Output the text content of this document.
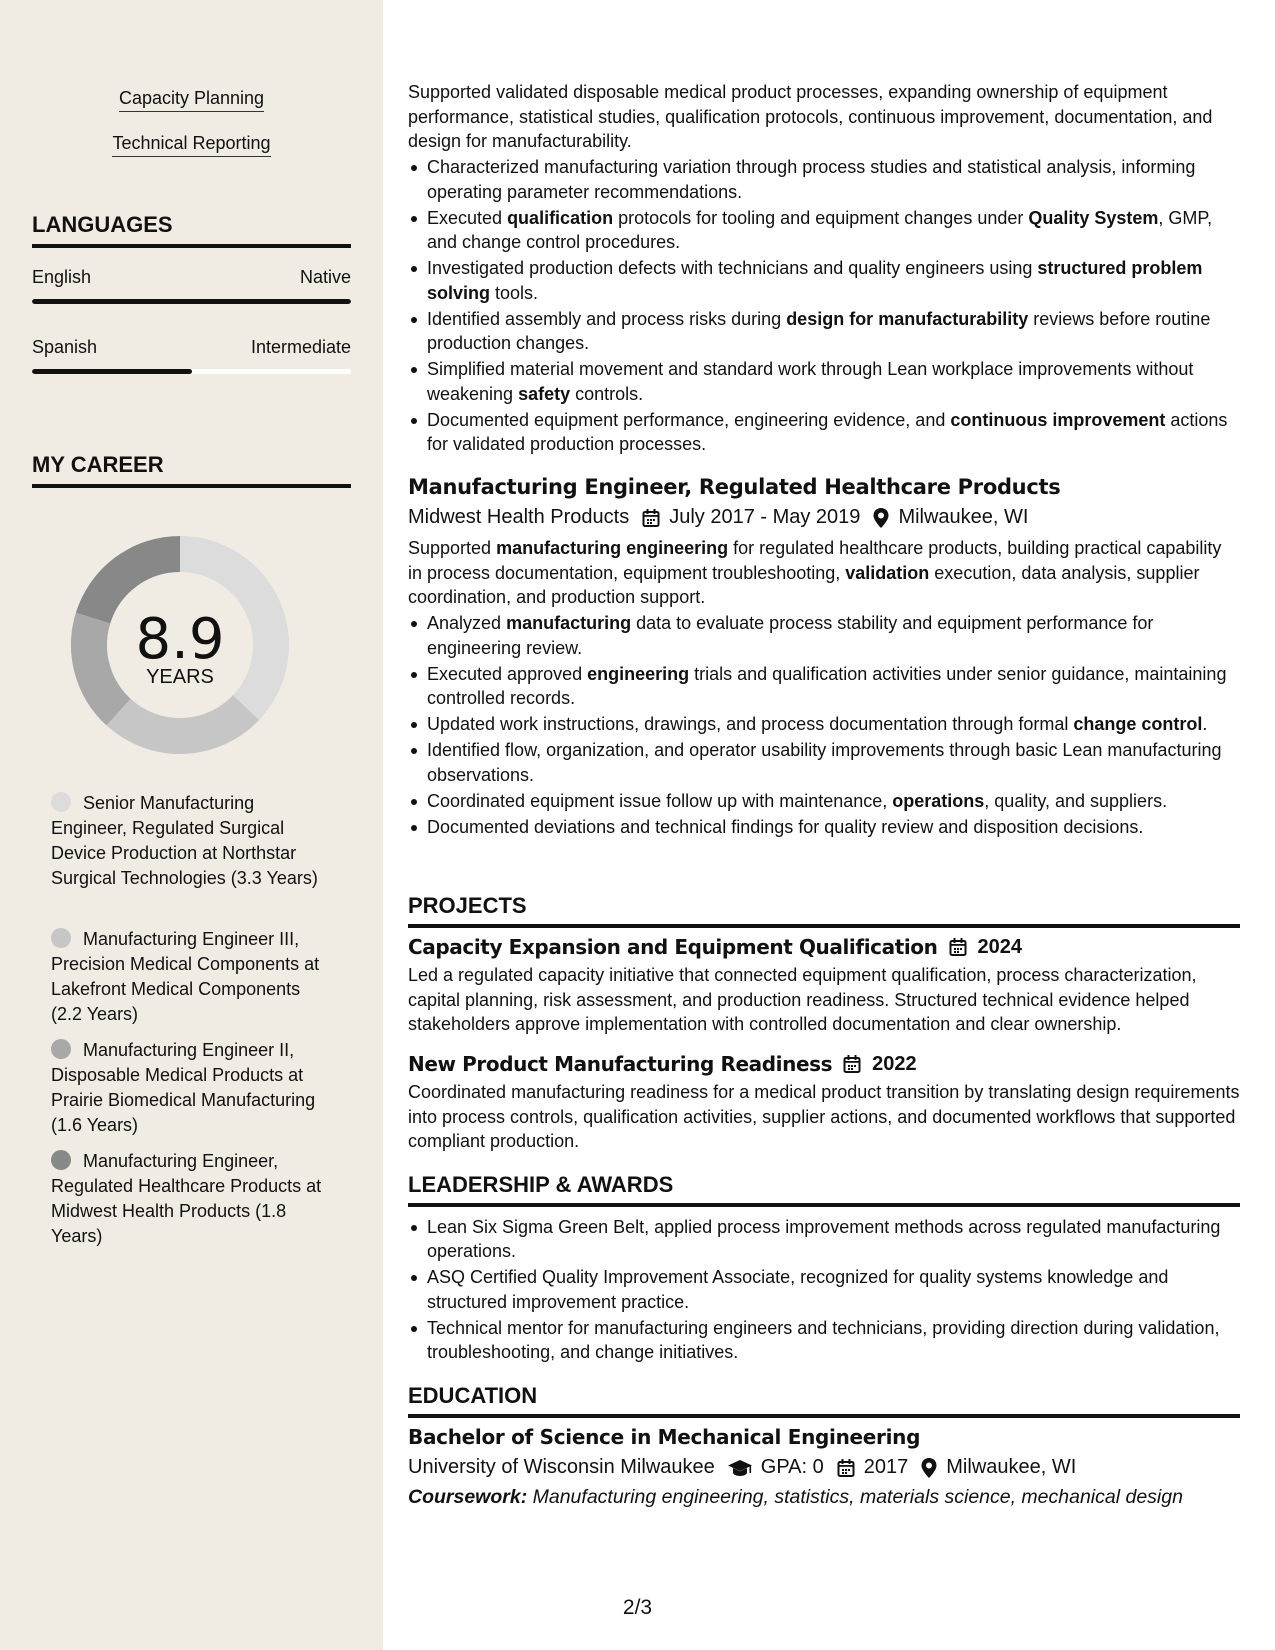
Capacity Planning
Technical Reporting
LANGUAGES
English	Native
Spanish	Intermediate
MY CAREER
8.9
YEARS
Senior Manufacturing Engineer, Regulated Surgical Device Production at Northstar Surgical Technologies (3.3 Years)
Manufacturing Engineer III, Precision Medical Components at Lakefront Medical Components (2.2 Years)
Manufacturing Engineer II, Disposable Medical Products at Prairie Biomedical Manufacturing (1.6 Years)
Manufacturing Engineer, Regulated Healthcare Products at Midwest Health Products (1.8 Years)
Supported validated disposable medical product processes, expanding ownership of equipment performance, statistical studies, qualification protocols, continuous improvement, documentation, and design for manufacturability.
Characterized manufacturing variation through process studies and statistical analysis, informing operating parameter recommendations.
Executed qualification protocols for tooling and equipment changes under Quality System, GMP, and change control procedures.
Investigated production defects with technicians and quality engineers using structured problem solving tools.
Identified assembly and process risks during design for manufacturability reviews before routine production changes.
Simplified material movement and standard work through Lean workplace improvements without weakening safety controls.
Documented equipment performance, engineering evidence, and continuous improvement actions for validated production processes.
Manufacturing Engineer, Regulated Healthcare Products
Midwest Health Products July 2017 - May 2019 Milwaukee, WI
Supported manufacturing engineering for regulated healthcare products, building practical capability in process documentation, equipment troubleshooting, validation execution, data analysis, supplier coordination, and production support.
Analyzed manufacturing data to evaluate process stability and equipment performance for engineering review.
Executed approved engineering trials and qualification activities under senior guidance, maintaining controlled records.
Updated work instructions, drawings, and process documentation through formal change control.
Identified flow, organization, and operator usability improvements through basic Lean manufacturing observations.
Coordinated equipment issue follow up with maintenance, operations, quality, and suppliers.
Documented deviations and technical findings for quality review and disposition decisions.
PROJECTS
Capacity Expansion and Equipment Qualification 2024
Led a regulated capacity initiative that connected equipment qualification, process characterization, capital planning, risk assessment, and production readiness. Structured technical evidence helped stakeholders approve implementation with controlled documentation and clear ownership.
New Product Manufacturing Readiness 2022
Coordinated manufacturing readiness for a medical product transition by translating design requirements into process controls, qualification activities, supplier actions, and documented workflows that supported compliant production.
LEADERSHIP & AWARDS
Lean Six Sigma Green Belt, applied process improvement methods across regulated manufacturing operations.
ASQ Certified Quality Improvement Associate, recognized for quality systems knowledge and structured improvement practice.
Technical mentor for manufacturing engineers and technicians, providing direction during validation, troubleshooting, and change initiatives.
EDUCATION
Bachelor of Science in Mechanical Engineering
University of Wisconsin Milwaukee GPA: 0 2017 Milwaukee, WI
Coursework: Manufacturing engineering, statistics, materials science, mechanical design
2/3
